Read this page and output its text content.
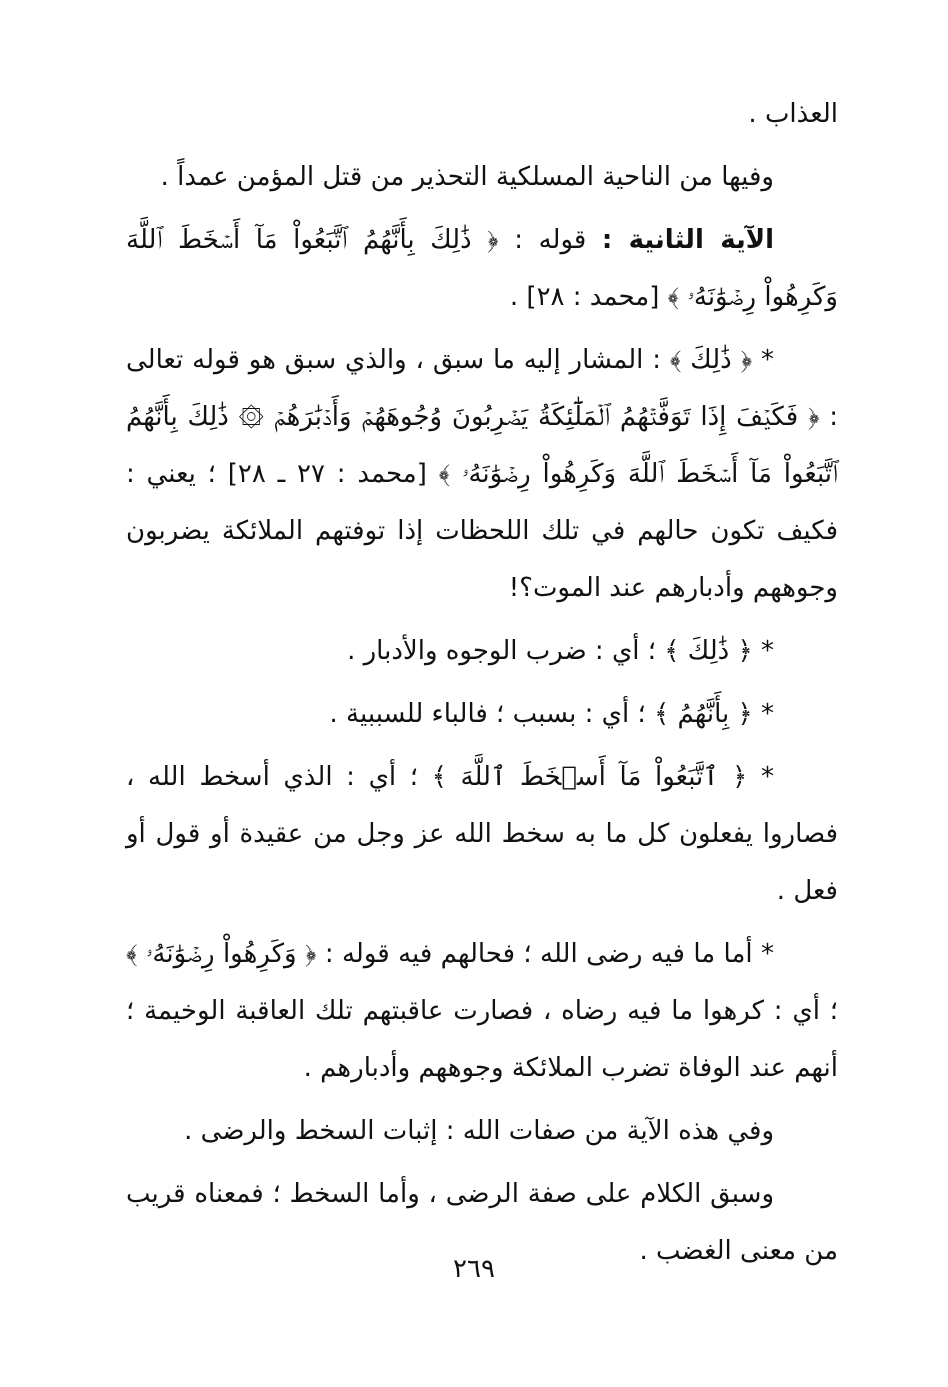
العذاب .

وفيها من الناحية المسلكية التحذير من قتل المؤمن عمداً .

الآية الثانية : قوله : ﴿ ذَٰلِكَ بِأَنَّهُمُ ٱتَّبَعُواْ مَآ أَسۡخَطَ ٱللَّهَ وَكَرِهُواْ رِضۡوَٰنَهُۥ ﴾ [محمد : ٢٨] .

* ﴿ ذَٰلِكَ ﴾ : المشار إليه ما سبق ، والذي سبق هو قوله تعالى : ﴿ فَكَيۡفَ إِذَا تَوَفَّتۡهُمُ ٱلۡمَلَٰٓئِكَةُ يَضۡرِبُونَ وُجُوهَهُمۡ وَأَدۡبَٰرَهُمۡ ۞ ذَٰلِكَ بِأَنَّهُمُ ٱتَّبَعُواْ مَآ أَسۡخَطَ ٱللَّهَ وَكَرِهُواْ رِضۡوَٰنَهُۥ ﴾ [محمد : ٢٧ ـ ٢٨] ؛ يعني : فكيف تكون حالهم في تلك اللحظات إذا توفتهم الملائكة يضربون وجوههم وأدبارهم عند الموت؟!

* ﴿ ذَٰلِكَ ﴾ ؛ أي : ضرب الوجوه والأدبار .

* ﴿ بِأَنَّهُمُ ﴾ ؛ أي : بسبب ؛ فالباء للسببية .

* ﴿ ٱتَّبَعُواْ مَآ أَسۡخَطَ ٱللَّهَ ﴾ ؛ أي : الذي أسخط الله ، فصاروا يفعلون كل ما به سخط الله عز وجل من عقيدة أو قول أو فعل .

* أما ما فيه رضى الله ؛ فحالهم فيه قوله : ﴿ وَكَرِهُواْ رِضۡوَٰنَهُۥ ﴾ ؛ أي : كرهوا ما فيه رضاه ، فصارت عاقبتهم تلك العاقبة الوخيمة ؛ أنهم عند الوفاة تضرب الملائكة وجوههم وأدبارهم .

وفي هذه الآية من صفات الله : إثبات السخط والرضى .

وسبق الكلام على صفة الرضى ، وأما السخط ؛ فمعناه قريب من معنى الغضب .

٢٦٩
